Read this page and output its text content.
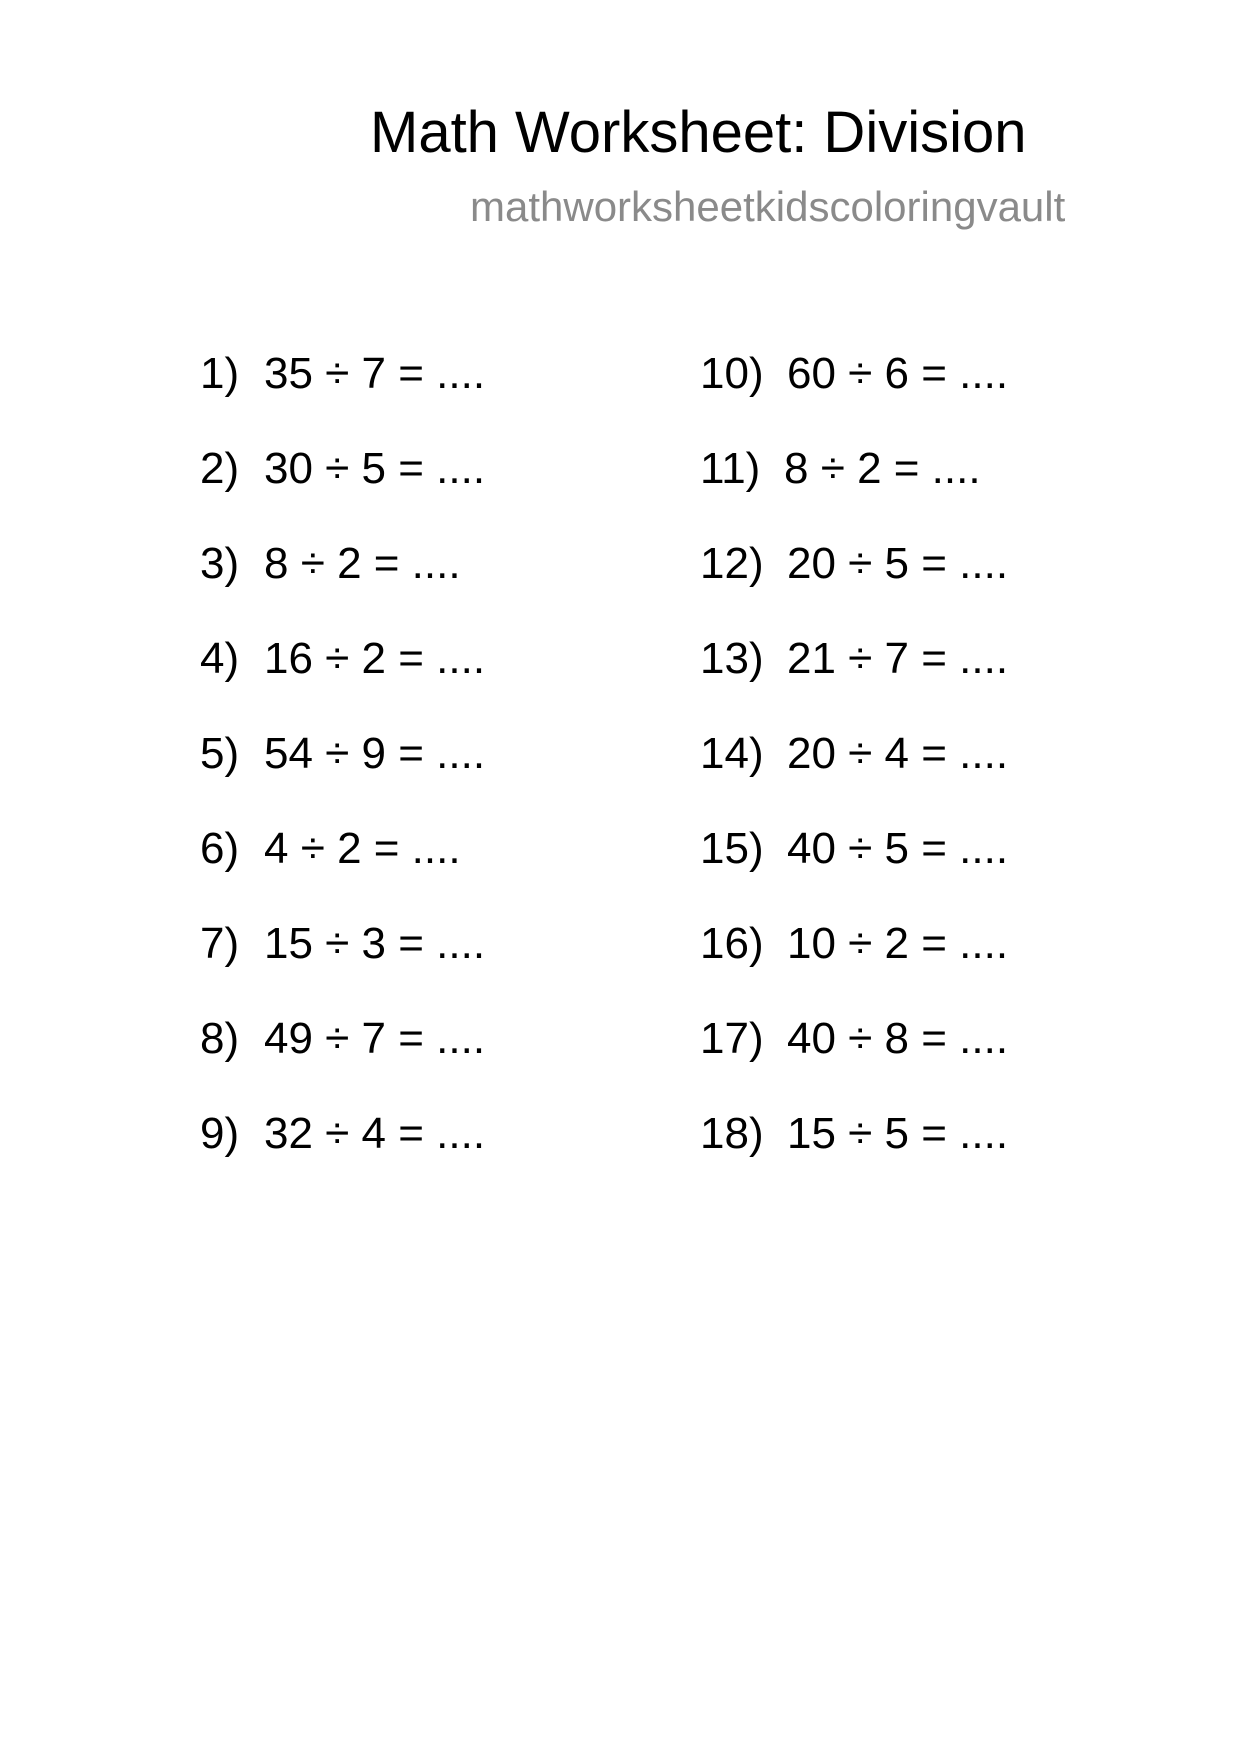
Math Worksheet: Division
mathworksheetkidscoloringvault
1) 35 ÷ 7 = ....
2) 30 ÷ 5 = ....
3) 8 ÷ 2 = ....
4) 16 ÷ 2 = ....
5) 54 ÷ 9 = ....
6) 4 ÷ 2 = ....
7) 15 ÷ 3 = ....
8) 49 ÷ 7 = ....
9) 32 ÷ 4 = ....
10) 60 ÷ 6 = ....
11) 8 ÷ 2 = ....
12) 20 ÷ 5 = ....
13) 21 ÷ 7 = ....
14) 20 ÷ 4 = ....
15) 40 ÷ 5 = ....
16) 10 ÷ 2 = ....
17) 40 ÷ 8 = ....
18) 15 ÷ 5 = ....
